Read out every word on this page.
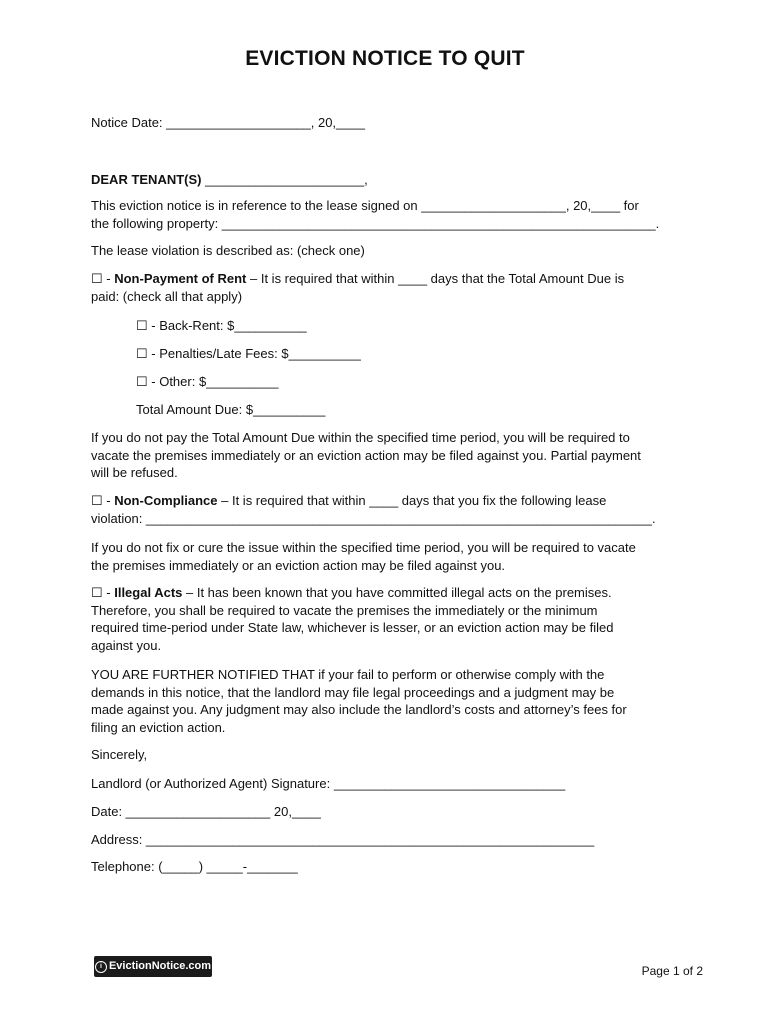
EVICTION NOTICE TO QUIT
Notice Date: ____________________, 20,____
DEAR TENANT(S) ______________________,
This eviction notice is in reference to the lease signed on ____________________, 20,____ for
the following property: ____________________________________________________________.
The lease violation is described as: (check one)
☐ - Non-Payment of Rent – It is required that within ____ days that the Total Amount Due is
paid: (check all that apply)
☐ - Back-Rent: $__________
☐ - Penalties/Late Fees: $__________
☐ - Other: $__________
Total Amount Due: $__________
If you do not pay the Total Amount Due within the specified time period, you will be required to
vacate the premises immediately or an eviction action may be filed against you. Partial payment
will be refused.
☐ - Non-Compliance – It is required that within ____ days that you fix the following lease
violation: ______________________________________________________________________.
If you do not fix or cure the issue within the specified time period, you will be required to vacate
the premises immediately or an eviction action may be filed against you.
☐ - Illegal Acts – It has been known that you have committed illegal acts on the premises.
Therefore, you shall be required to vacate the premises the immediately or the minimum
required time-period under State law, whichever is lesser, or an eviction action may be filed
against you.
YOU ARE FURTHER NOTIFIED THAT if your fail to perform or otherwise comply with the
demands in this notice, that the landlord may file legal proceedings and a judgment may be
made against you. Any judgment may also include the landlord’s costs and attorney’s fees for
filing an eviction action.
Sincerely,
Landlord (or Authorized Agent) Signature: ________________________________
Date: ____________________ 20,____
Address: ______________________________________________________________
Telephone: (_____) _____-_______
i EvictionNotice.com	Page 1 of 2
